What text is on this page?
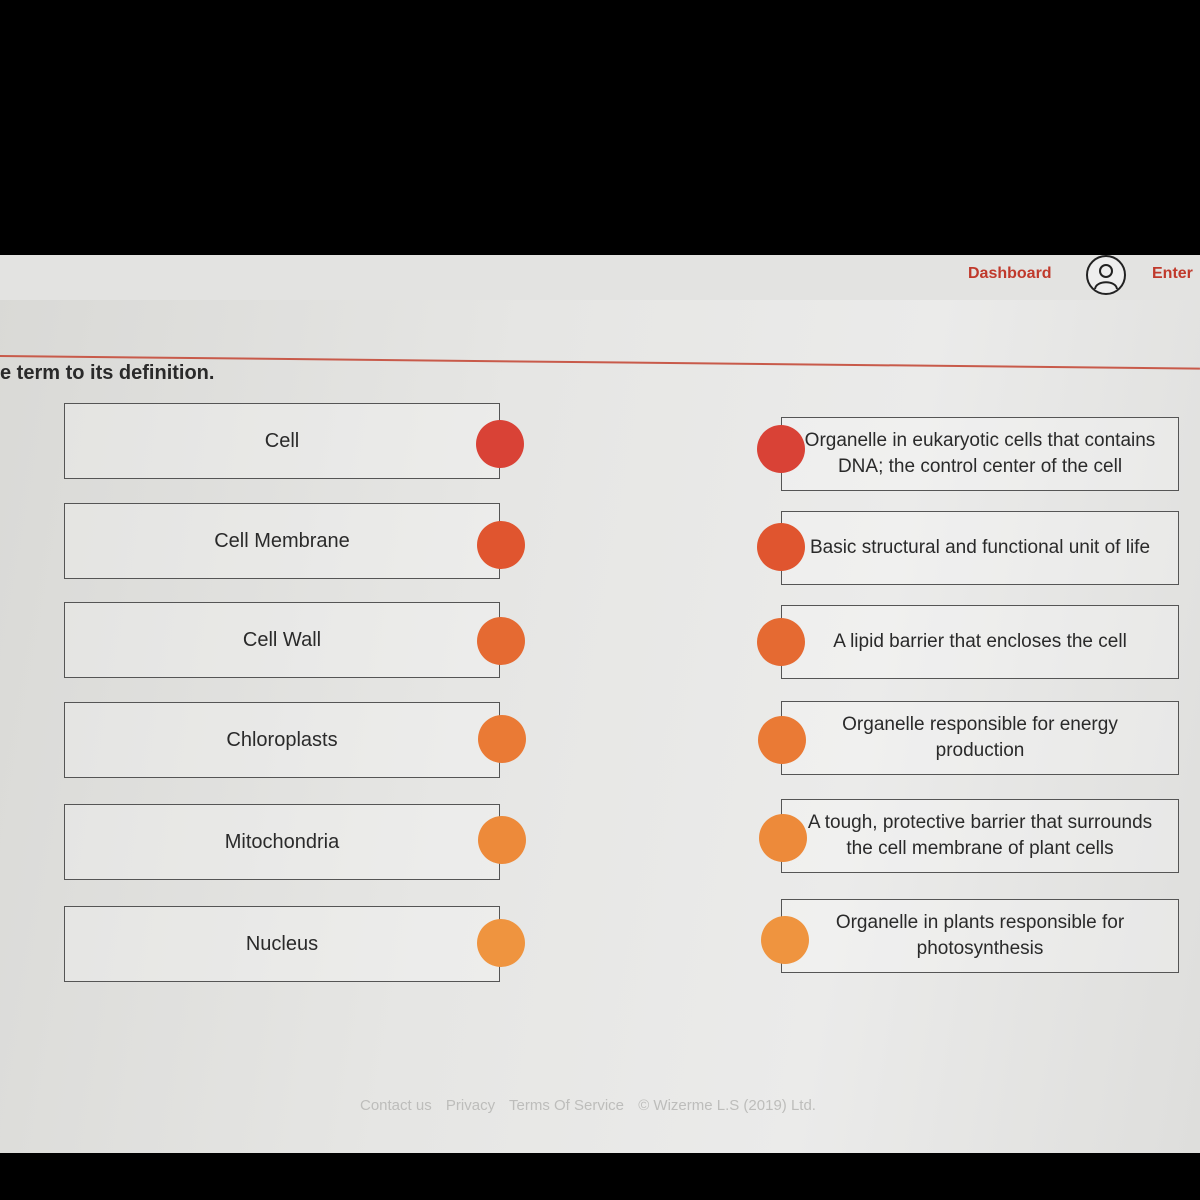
Dashboard	Enter
e term to its definition.
Cell
Cell Membrane
Cell Wall
Chloroplasts
Mitochondria
Nucleus
Organelle in eukaryotic cells that contains DNA; the control center of the cell
Basic structural and functional unit of life
A lipid barrier that encloses the cell
Organelle responsible for energy production
A tough, protective barrier that surrounds the cell membrane of plant cells
Organelle in plants responsible for photosynthesis
Contact us Privacy Terms Of Service © Wizerme L.S (2019) Ltd.
